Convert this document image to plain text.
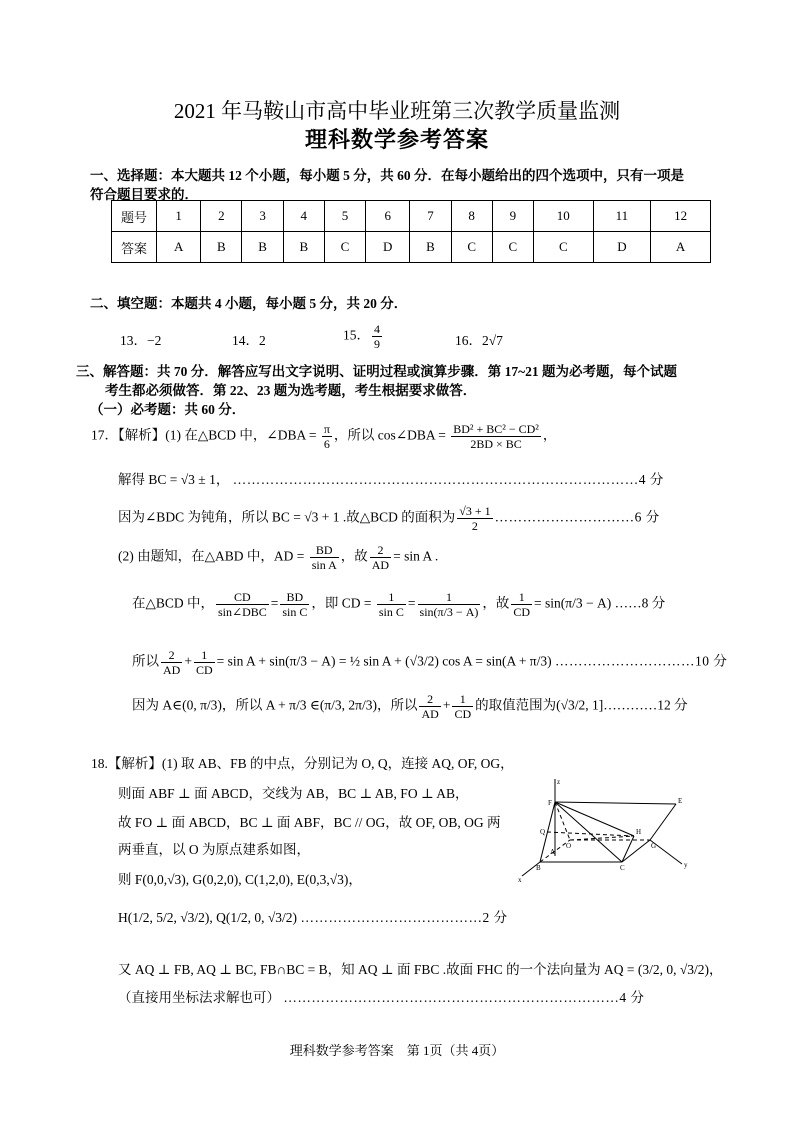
2021 年马鞍山市高中毕业班第三次教学质量监测
理科数学参考答案
一、选择题：本大题共 12 个小题，每小题 5 分，共 60 分．在每小题给出的四个选项中，只有一项是
符合题目要求的．
题号	1	2	3	4	5	6	7	8	9	10	11	12
答案	A	B	B	B	C	D	B	C	C	C	D	A
二、填空题：本题共 4 小题，每小题 5 分，共 20 分．
13．−2	14．2	15． $\frac{4}{9}$	16．2√7
三、解答题：共 70 分．解答应写出文字说明、证明过程或演算步骤．第 17~21 题为必考题，每个试题
考生都必须做答．第 22、23 题为选考题，考生根据要求做答．
（一）必考题：共 60 分．
17．【解析】(1) 在△BCD 中，∠DBA = $\frac{\pi}{6}$ ，所以 cos∠DBA = $\frac{\text{BD² + BC² − CD²}}{2BD \times BC}$ ，
解得 BC = √3 ± 1， ……………………………………………………………………………4 分
因为∠BDC 为钝角，所以 BC = √3 + 1 .故△BCD 的面积为 $\frac{√3 + 1}{2}$ …………………………6 分
(2) 由题知，在△ABD 中，AD = $\frac{BD}{\text{sin A}}$ ，故 $\frac{2}{AD} = \sin A$ .
在△BCD 中， $\frac{CD}{\text{sin∠DBC}} = \frac{BD}{\text{sin C}}$ ，即 CD = $\frac{1}{\text{sin C}} = \frac{1}{\sin(\pi/3 - A)}$ ，故 $\frac{1}{CD} = \sin(\pi/3 - A)$ ……8 分
所以 $\frac{2}{AD} + \frac{1}{CD} = \sin A + \sin(\pi/3 - A)$ = ½ sin A + (√3/2) cos A = sin(A + π/3) …………………………10 分
因为 A∈(0, π/3)，所以 A + π/3 ∈(π/3, 2π/3)，所以 $\frac{2}{AD} + \frac{1}{CD}$ 的取值范围为(√3/2, 1]…………12 分
18.【解析】(1) 取 AB、FB 的中点，分别记为 O, Q，连接 AQ, OF, OG，
则面 ABF ⊥ 面 ABCD，交线为 AB，BC ⊥ AB, FO ⊥ AB，
故 FO ⊥ 面 ABCD，BC ⊥ 面 ABF，BC // OG，故 OF, OB, OG 两
两垂直，以 O 为原点建系如图，
则 F(0,0,√3), G(0,2,0), C(1,2,0), E(0,3,√3)，
H(1/2, 5/2, √3/2), Q(1/2, 0, √3/2) …………………………………2 分
又 AQ ⊥ FB, AQ ⊥ BC, FB∩BC = B，知 AQ ⊥ 面 FBC .故面 FHC 的一个法向量为 AQ = (3/2, 0, √3/2)，
（直接用坐标法求解也可） ………………………………………………………………4 分
z
F	E
Q	H
O
A
G
B	C	y
x
理科数学参考答案　第 1页（共 4页）
